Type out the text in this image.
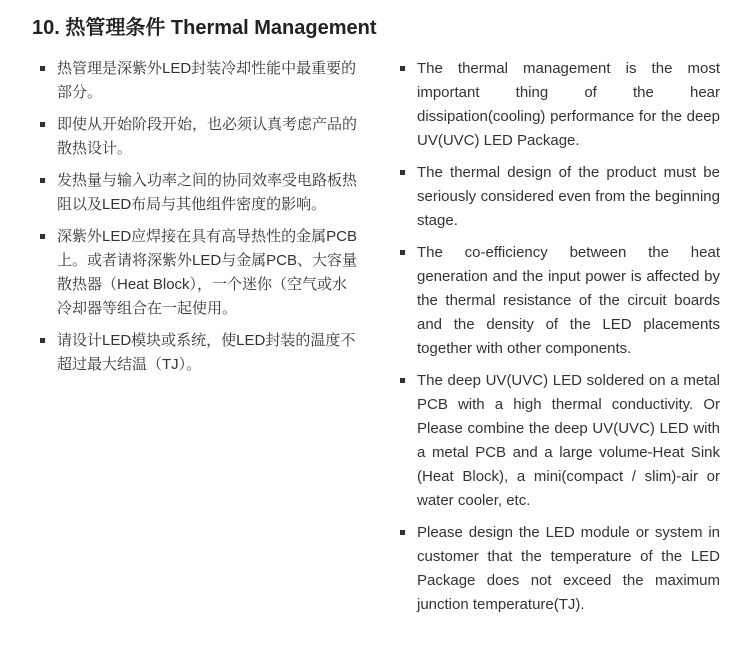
10. 热管理条件 Thermal Management
热管理是深紫外LED封装冷却性能中最重要的部分。
即使从开始阶段开始，也必须认真考虑产品的散热设计。
发热量与输入功率之间的协同效率受电路板热阻以及LED布局与其他组件密度的影响。
深紫外LED应焊接在具有高导热性的金属PCB上。或者请将深紫外LED与金属PCB、大容量散热器（Heat Block），一个迷你（空气或水冷却器等组合在一起使用。
请设计LED模块或系统，使LED封装的温度不超过最大结温（TJ）。
The thermal management is the most important thing of the hear dissipation(cooling) performance for the deep UV(UVC) LED Package.
The thermal design of the product must be seriously considered even from the beginning stage.
The co-efficiency between the heat generation and the input power is affected by the thermal resistance of the circuit boards and the density of the LED placements together with other components.
The deep UV(UVC) LED soldered on a metal PCB with a high thermal conductivity. Or Please combine the deep UV(UVC) LED with a metal PCB and a large volume-Heat Sink (Heat Block), a mini(compact / slim)-air or water cooler, etc.
Please design the LED module or system in customer that the temperature of the LED Package does not exceed the maximum junction temperature(TJ).
